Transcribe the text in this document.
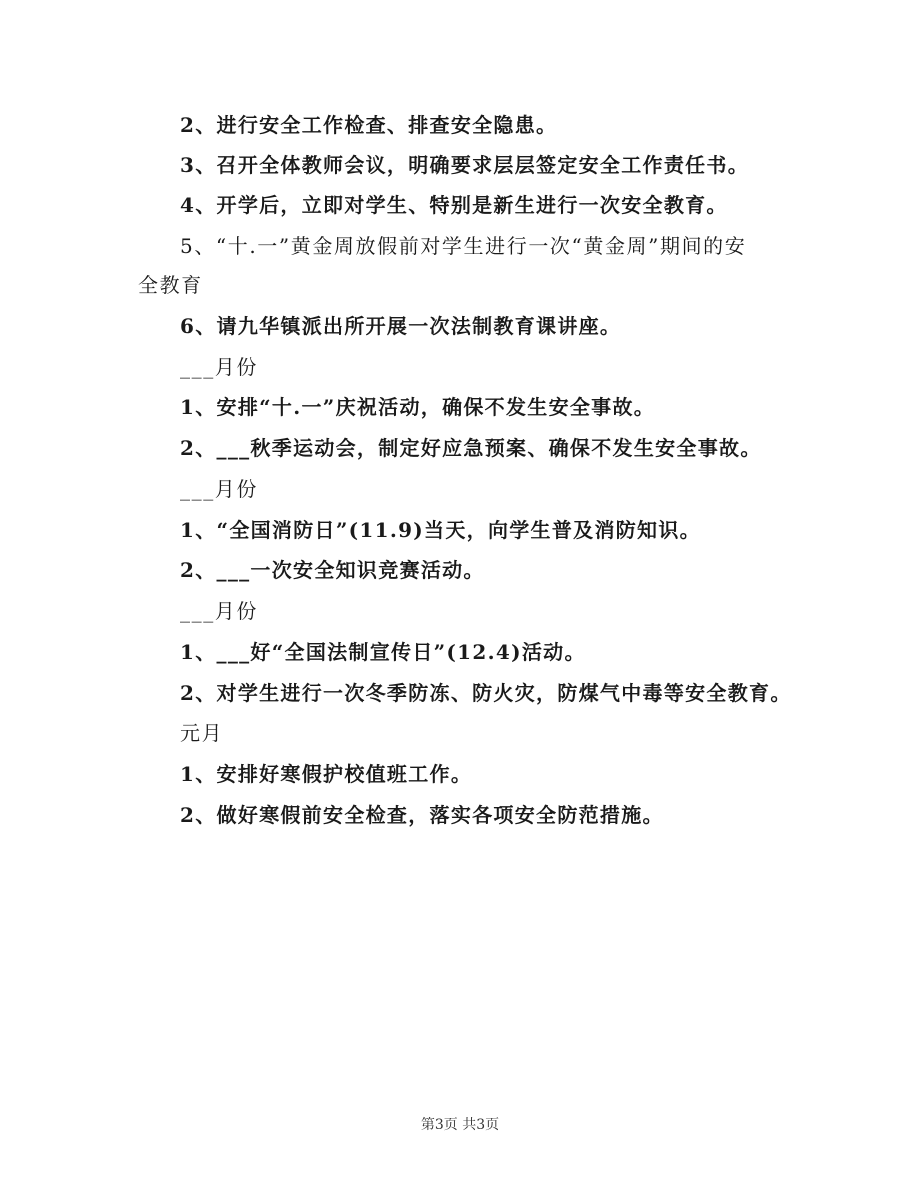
2、进行安全工作检查、排查安全隐患。
3、召开全体教师会议，明确要求层层签定安全工作责任书。
4、开学后，立即对学生、特别是新生进行一次安全教育。
5、“十.一”黄金周放假前对学生进行一次“黄金周”期间的安
全教育
6、请九华镇派出所开展一次法制教育课讲座。
___月份
1、安排“十.一”庆祝活动，确保不发生安全事故。
2、___秋季运动会，制定好应急预案、确保不发生安全事故。
___月份
1、“全国消防日”(11.9)当天，向学生普及消防知识。
2、___一次安全知识竞赛活动。
___月份
1、___好“全国法制宣传日”(12.4)活动。
2、对学生进行一次冬季防冻、防火灾，防煤气中毒等安全教育。
元月
1、安排好寒假护校值班工作。
2、做好寒假前安全检查，落实各项安全防范措施。
第3页 共3页
